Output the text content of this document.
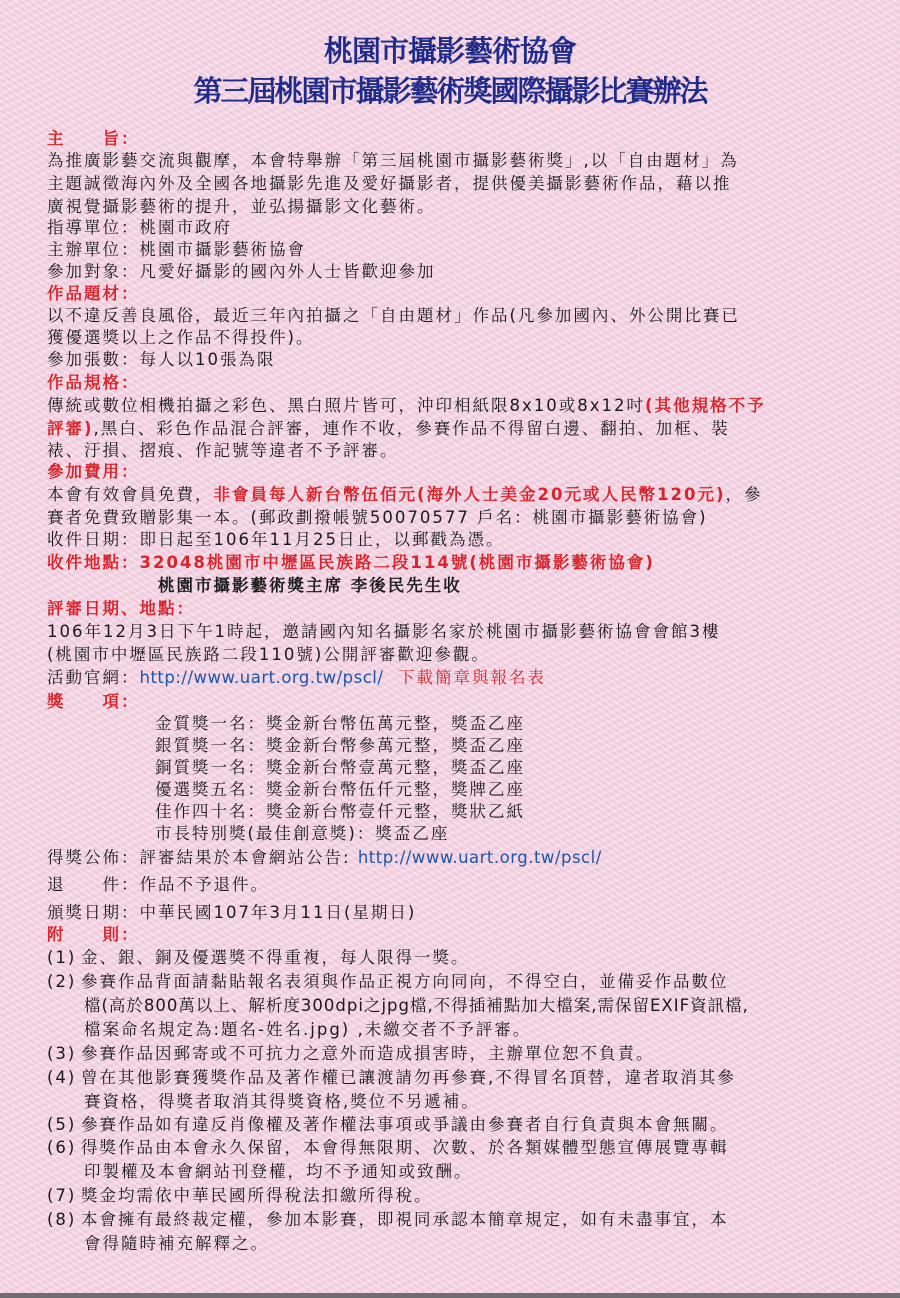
桃園市攝影藝術協會
第三屆桃園市攝影藝術獎國際攝影比賽辦法
主　　旨：
為推廣影藝交流與觀摩，本會特舉辦「第三屆桃園市攝影藝術獎」,以「自由題材」為
主題誠徵海內外及全國各地攝影先進及愛好攝影者，提供優美攝影藝術作品，藉以推
廣視覺攝影藝術的提升，並弘揚攝影文化藝術。
指導單位：桃園市政府
主辦單位：桃園市攝影藝術協會
參加對象：凡愛好攝影的國內外人士皆歡迎參加
作品題材：
以不違反善良風俗，最近三年內拍攝之「自由題材」作品(凡參加國內、外公開比賽已
獲優選獎以上之作品不得投件)。
參加張數：每人以10張為限
作品規格：
傳統或數位相機拍攝之彩色、黑白照片皆可，沖印相紙限8x10或8x12吋(其他規格不予
評審),黑白、彩色作品混合評審，連作不收，參賽作品不得留白邊、翻拍、加框、裝
裱、汙損、摺痕、作記號等違者不予評審。
參加費用：
本會有效會員免費，非會員每人新台幣伍佰元(海外人士美金20元或人民幣120元)，參
賽者免費致贈影集一本。(郵政劃撥帳號50070577 戶名：桃園市攝影藝術協會)
收件日期：即日起至106年11月25日止，以郵戳為憑。
收件地點：32048桃園市中壢區民族路二段114號(桃園市攝影藝術協會)
桃園市攝影藝術獎主席 李後民先生收
評審日期、地點：
106年12月3日下午1時起，邀請國內知名攝影名家於桃園市攝影藝術協會會館3樓
(桃園市中壢區民族路二段110號)公開評審歡迎參觀。
活動官網：http://www.uart.org.tw/pscl/ 下載簡章與報名表
獎　　項：
金質獎一名：獎金新台幣伍萬元整，獎盃乙座
銀質獎一名：獎金新台幣參萬元整，獎盃乙座
銅質獎一名：獎金新台幣壹萬元整，獎盃乙座
優選獎五名：獎金新台幣伍仟元整，獎牌乙座
佳作四十名：獎金新台幣壹仟元整，獎狀乙紙
市長特別獎(最佳創意獎)：獎盃乙座
得獎公佈：評審結果於本會網站公告: http://www.uart.org.tw/pscl/
退　　件：作品不予退件。
頒獎日期：中華民國107年3月11日(星期日)
附　　則：
(1) 金、銀、銅及優選獎不得重複，每人限得一獎。
(2) 參賽作品背面請黏貼報名表須與作品正視方向同向，不得空白，並備妥作品數位
檔(高於800萬以上、解析度300dpi之jpg檔,不得插補點加大檔案,需保留EXIF資訊檔,
檔案命名規定為:題名-姓名.jpg) ,未繳交者不予評審。
(3) 參賽作品因郵寄或不可抗力之意外而造成損害時，主辦單位恕不負責。
(4) 曾在其他影賽獲獎作品及著作權已讓渡請勿再參賽,不得冒名頂替，違者取消其參
賽資格，得獎者取消其得獎資格,獎位不另遞補。
(5) 參賽作品如有違反肖像權及著作權法事項或爭議由參賽者自行負責與本會無關。
(6) 得獎作品由本會永久保留，本會得無限期、次數、於各類媒體型態宣傳展覽專輯
印製權及本會網站刊登權，均不予通知或致酬。
(7) 獎金均需依中華民國所得稅法扣繳所得稅。
(8) 本會擁有最終裁定權，參加本影賽，即視同承認本簡章規定，如有未盡事宜，本
會得隨時補充解釋之。
